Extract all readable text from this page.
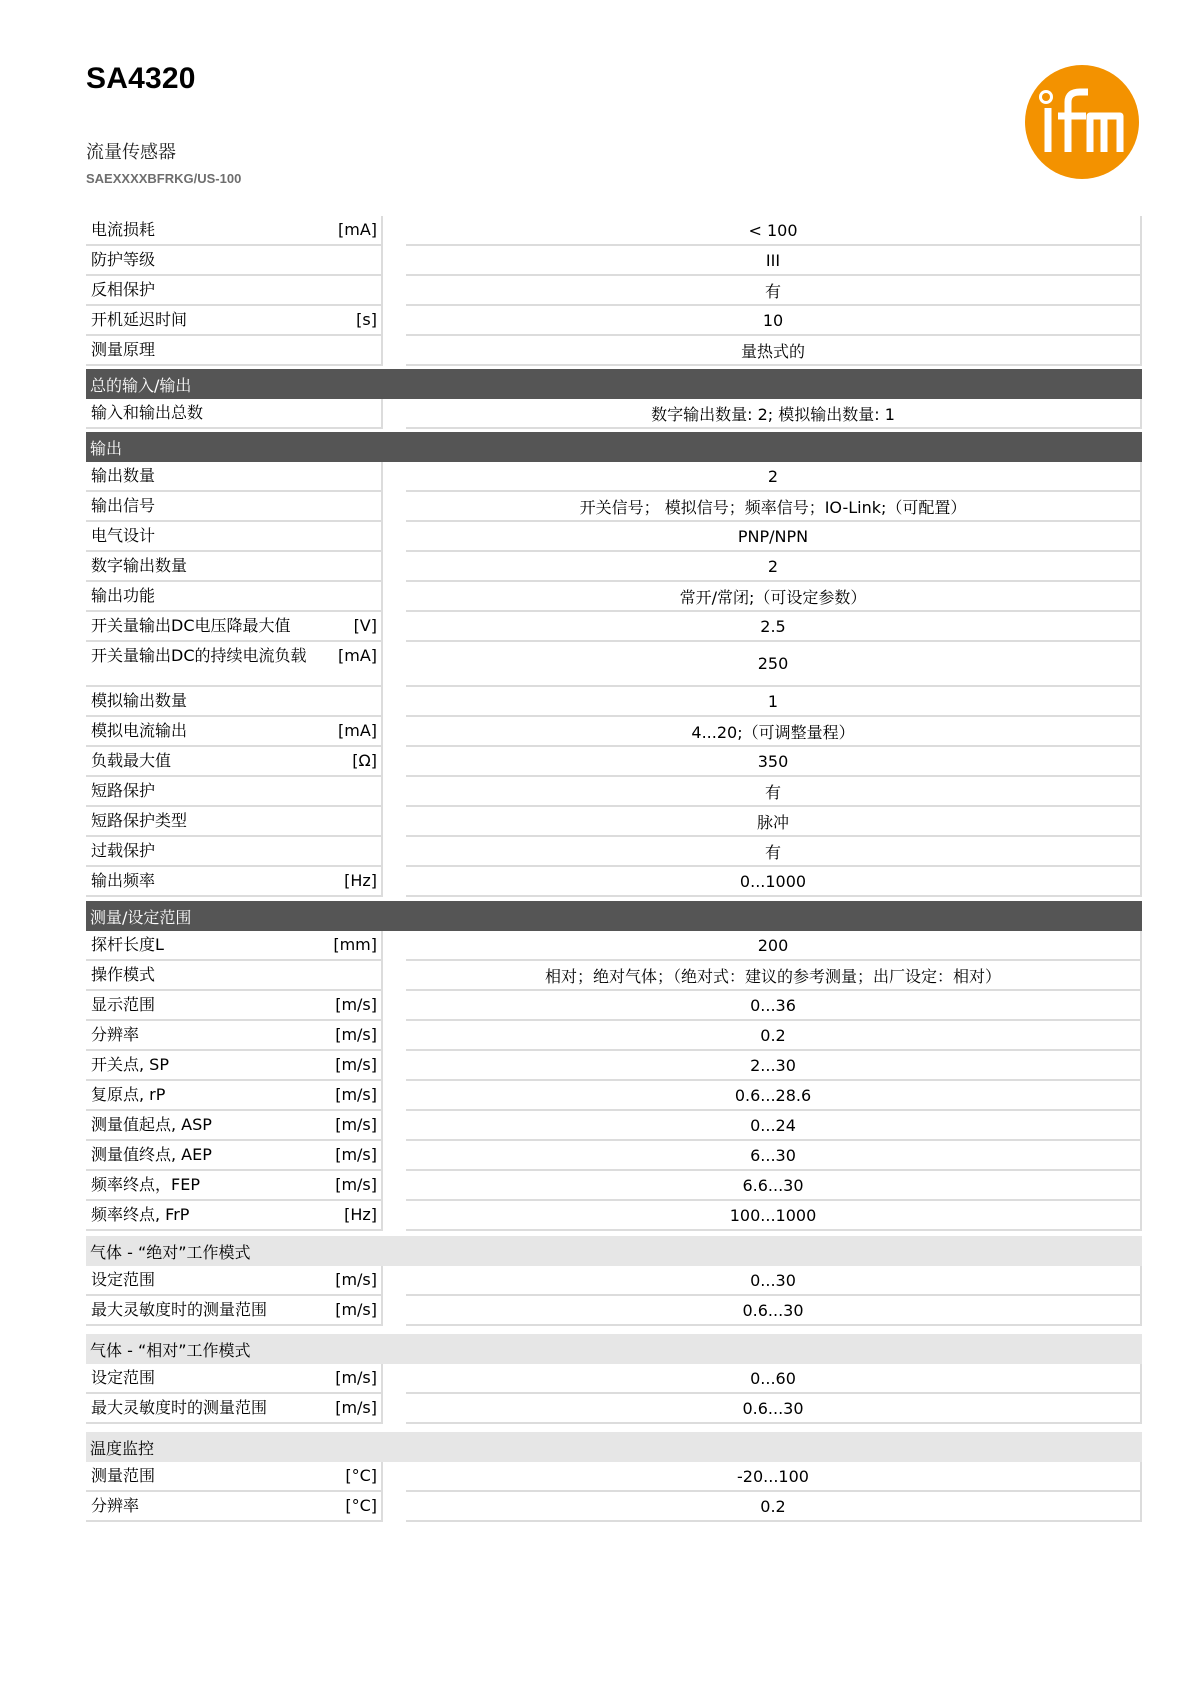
SA4320
流量传感器
SAEXXXXBFRKG/US-100
电流损耗	[mA]	< 100
防护等级	III
反相保护	有
开机延迟时间	[s]	10
测量原理	量热式的
总的输入/输出
输入和输出总数	数字输出数量: 2; 模拟输出数量: 1
输出
输出数量	2
输出信号	开关信号； 模拟信号；频率信号；IO-Link;（可配置）
电气设计	PNP/NPN
数字输出数量	2
输出功能	常开/常闭;（可设定参数）
开关量输出DC电压降最大值	[V]	2.5
开关量输出DC的持续电流负载	[mA]	250
模拟输出数量	1
模拟电流输出	[mA]	4...20;（可调整量程）
负载最大值	[Ω]	350
短路保护	有
短路保护类型	脉冲
过载保护	有
输出频率	[Hz]	0...1000
测量/设定范围
探杆长度L	[mm]	200
操作模式	相对；绝对气体；（绝对式：建议的参考测量；出厂设定：相对）
显示范围	[m/s]	0...36
分辨率	[m/s]	0.2
开关点, SP	[m/s]	2...30
复原点, rP	[m/s]	0.6...28.6
测量值起点, ASP	[m/s]	0...24
测量值终点, AEP	[m/s]	6...30
频率终点，FEP	[m/s]	6.6...30
频率终点, FrP	[Hz]	100...1000
气体 - “绝对”工作模式
设定范围	[m/s]	0...30
最大灵敏度时的测量范围	[m/s]	0.6...30
气体 - “相对”工作模式
设定范围	[m/s]	0...60
最大灵敏度时的测量范围	[m/s]	0.6...30
温度监控
测量范围	[°C]	-20...100
分辨率	[°C]	0.2
